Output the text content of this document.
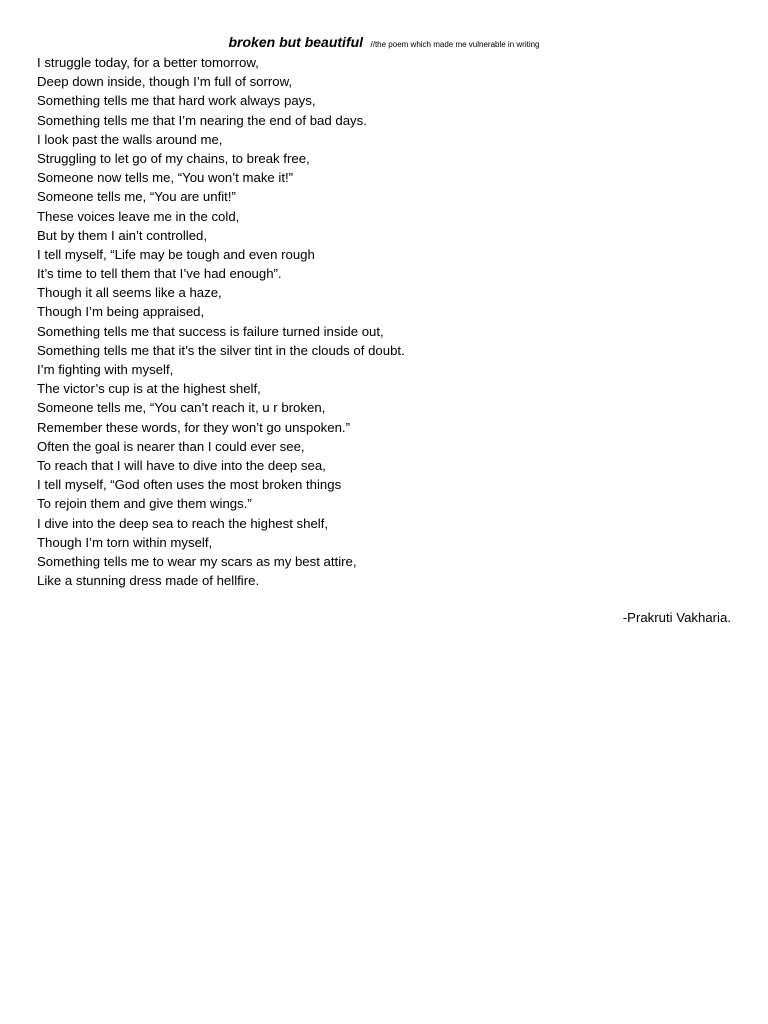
broken but beautiful //the poem which made me vulnerable in writing
I struggle today, for a better tomorrow,
Deep down inside, though I’m full of sorrow,
Something tells me that hard work always pays,
Something tells me that I’m nearing the end of bad days.
I look past the walls around me,
Struggling to let go of my chains, to break free,
Someone now tells me, “You won’t make it!”
Someone tells me, “You are unfit!”
These voices leave me in the cold,
But by them I ain’t controlled,
I tell myself, “Life may be tough and even rough
It’s time to tell them that I’ve had enough”.
Though it all seems like a haze,
Though I’m being appraised,
Something tells me that success is failure turned inside out,
Something tells me that it’s the silver tint in the clouds of doubt.
I’m fighting with myself,
The victor’s cup is at the highest shelf,
Someone tells me, “You can’t reach it, u r broken,
Remember these words, for they won’t go unspoken.”
Often the goal is nearer than I could ever see,
To reach that I will have to dive into the deep sea,
I tell myself, “God often uses the most broken things
To rejoin them and give them wings.”
I dive into the deep sea to reach the highest shelf,
Though I’m torn within myself,
Something tells me to wear my scars as my best attire,
Like a stunning dress made of hellfire.
-Prakruti Vakharia.
